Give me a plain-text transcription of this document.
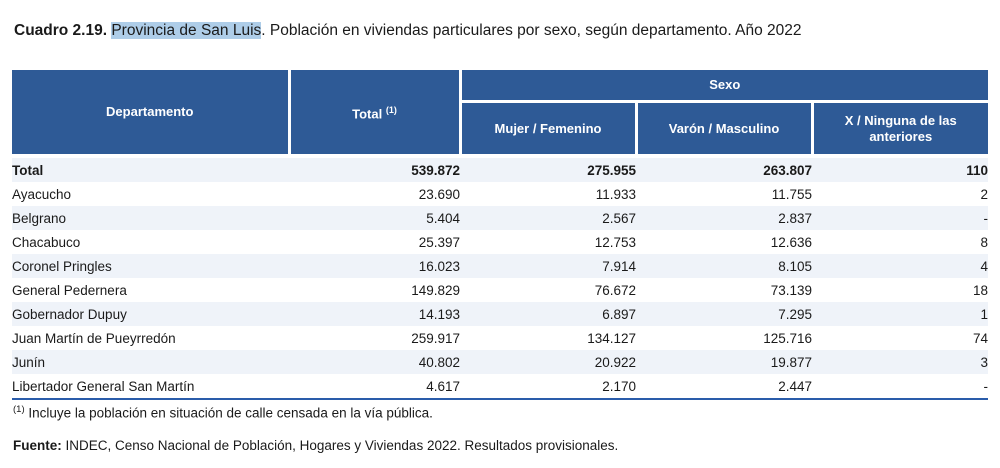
Cuadro 2.19. Provincia de San Luis. Población en viviendas particulares por sexo, según departamento. Año 2022
Departamento	Total $^{(1)}$	Sexo		
		Mujer / Femenino	Varón / Masculino	X / Ninguna de las anteriores
Total	539.872	275.955	263.807	110
Ayacucho	23.690	11.933	11.755	2
Belgrano	5.404	2.567	2.837	-
Chacabuco	25.397	12.753	12.636	8
Coronel Pringles	16.023	7.914	8.105	4
General Pedernera	149.829	76.672	73.139	18
Gobernador Dupuy	14.193	6.897	7.295	1
Juan Martín de Pueyrredón	259.917	134.127	125.716	74
Junín	40.802	20.922	19.877	3
Libertador General San Martín	4.617	2.170	2.447	-
$^{(1)}$ Incluye la población en situación de calle censada en la vía pública.
Fuente: INDEC, Censo Nacional de Población, Hogares y Viviendas 2022. Resultados provisionales.
